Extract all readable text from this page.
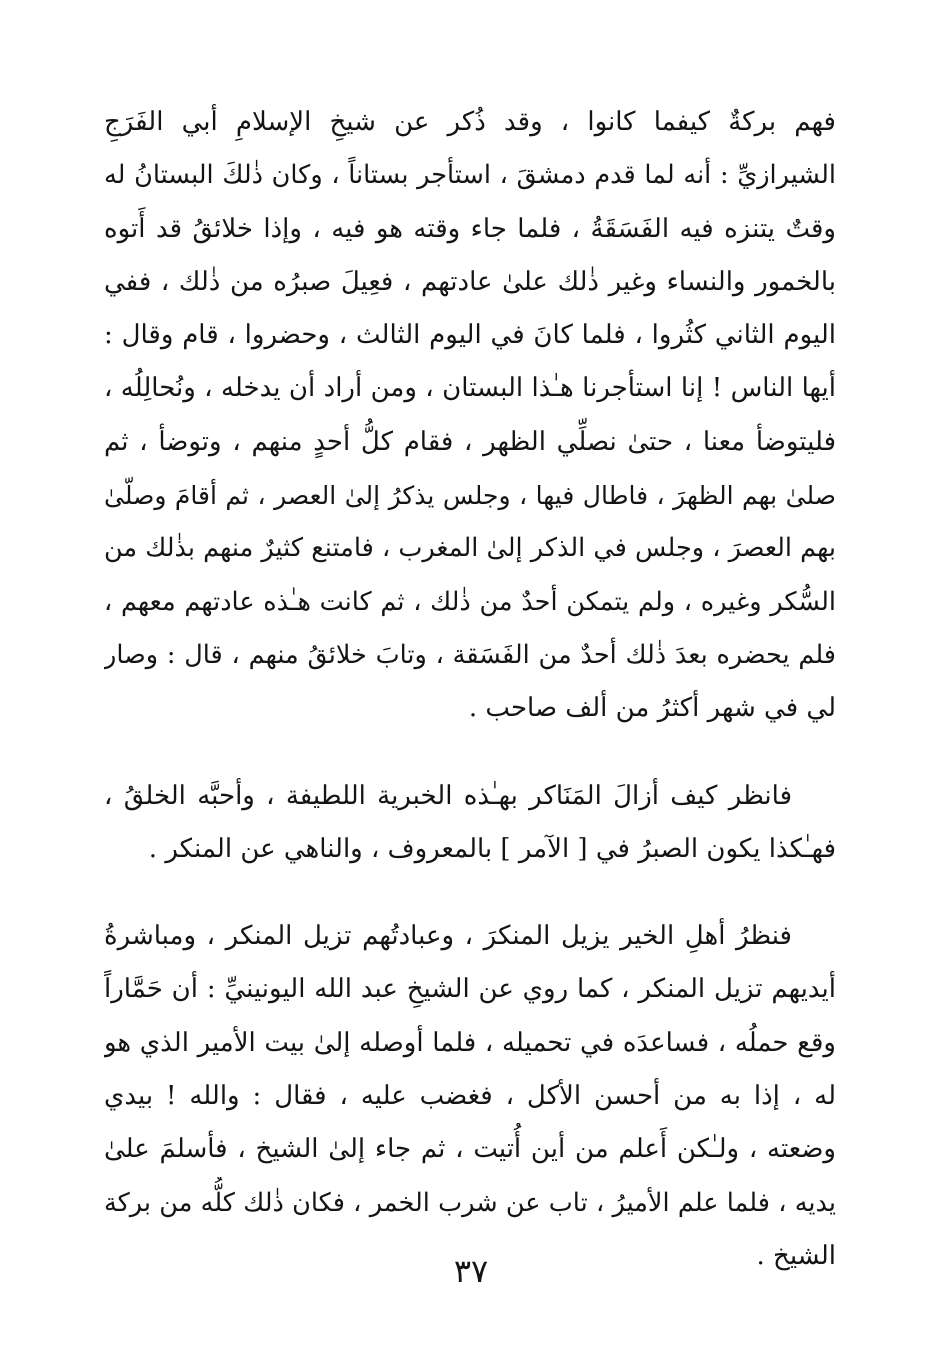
فهم بركةٌ كيفما كانوا ، وقد ذُكر عن شيخِ الإسلامِ أبي الفَرَجِ
الشيرازيِّ : أنه لما قدم دمشقَ ، استأجر بستاناً ، وكان ذٰلكَ البستانُ له
وقتٌ يتنزه فيه الفَسَقَةُ ، فلما جاء وقته هو فيه ، وإذا خلائقُ قد أَتوه
بالخمور والنساء وغير ذٰلك علىٰ عادتهم ، فعِيلَ صبرُه من ذٰلك ، ففي
اليوم الثاني كثُروا ، فلما كانَ في اليوم الثالث ، وحضروا ، قام وقال :
أيها الناس ! إنا استأجرنا هـٰذا البستان ، ومن أراد أن يدخله ، ونُحالِلُه ،
فليتوضأ معنا ، حتىٰ نصلِّي الظهر ، فقام كلُّ أحدٍ منهم ، وتوضأ ، ثم
صلىٰ بهم الظهرَ ، فاطال فيها ، وجلس يذكرُ إلىٰ العصر ، ثم أقامَ وصلّىٰ
بهم العصرَ ، وجلس في الذكر إلىٰ المغرب ، فامتنع كثيرٌ منهم بذٰلك من
السُّكر وغيره ، ولم يتمكن أحدٌ من ذٰلك ، ثم كانت هـٰذه عادتهم معهم ،
فلم يحضره بعدَ ذٰلك أحدٌ من الفَسَقة ، وتابَ خلائقُ منهم ، قال : وصار
لي في شهر أكثرُ من ألف صاحب .
فانظر كيف أزالَ المَنَاكر بهـٰذه الخبرية اللطيفة ، وأحبَّه الخلقُ ،
فهـٰكذا يكون الصبرُ في [ الآمر ] بالمعروف ، والناهي عن المنكر .
فنظرُ أهلِ الخير يزيل المنكرَ ، وعبادتُهم تزيل المنكر ، ومباشرةُ
أيديهم تزيل المنكر ، كما روي عن الشيخِ عبد الله اليونينيِّ : أن حَمَّاراً
وقع حملُه ، فساعدَه في تحميله ، فلما أوصله إلىٰ بيت الأمير الذي هو
له ، إذا به من أحسن الأكل ، فغضب عليه ، فقال : والله ! بيدي
وضعته ، ولـٰكن أَعلم من أين أُتيت ، ثم جاء إلىٰ الشيخ ، فأسلمَ علىٰ
يديه ، فلما علم الأميرُ ، تاب عن شرب الخمر ، فكان ذٰلك كلُّه من بركة
الشيخ .
٣٧
